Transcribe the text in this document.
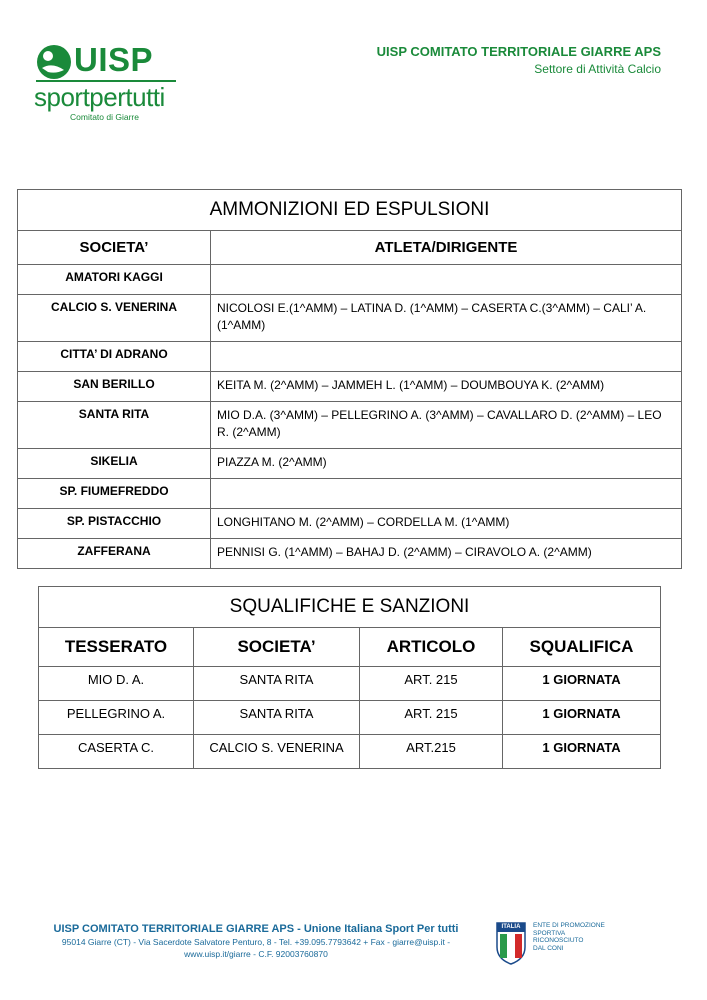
UISP
sportpertutti
Comitato di Giarre
UISP COMITATO TERRITORIALE GIARRE APS
Settore di Attività Calcio
AMMONIZIONI ED ESPULSIONI	
SOCIETA’	ATLETA/DIRIGENTE
AMATORI KAGGI	
CALCIO S. VENERINA	NICOLOSI E.(1^AMM) – LATINA D. (1^AMM) – CASERTA C.(3^AMM) – CALI’ A.(1^AMM)
CITTA’ DI ADRANO	
SAN BERILLO	KEITA M. (2^AMM) – JAMMEH L. (1^AMM) – DOUMBOUYA K. (2^AMM)
SANTA RITA	MIO D.A. (3^AMM) – PELLEGRINO A. (3^AMM) – CAVALLARO D. (2^AMM) – LEO R. (2^AMM)
SIKELIA	PIAZZA M. (2^AMM)
SP. FIUMEFREDDO	
SP. PISTACCHIO	LONGHITANO M. (2^AMM) – CORDELLA M. (1^AMM)
ZAFFERANA	PENNISI G. (1^AMM) – BAHAJ D. (2^AMM) – CIRAVOLO A. (2^AMM)
SQUALIFICHE E SANZIONI			
TESSERATO	SOCIETA’	ARTICOLO	SQUALIFICA
MIO D. A.	SANTA RITA	ART. 215	1 GIORNATA
PELLEGRINO A.	SANTA RITA	ART. 215	1 GIORNATA
CASERTA C.	CALCIO S. VENERINA	ART.215	1 GIORNATA
UISP COMITATO TERRITORIALE GIARRE APS - Unione Italiana Sport Per tutti
95014 Giarre (CT) - Via Sacerdote Salvatore Penturo, 8 - Tel. +39.095.7793642 + Fax - giarre@uisp.it - www.uisp.it/giarre - C.F. 92003760870
ITALIA	ENTE DI PROMOZIONE
SPORTIVA
RICONOSCIUTO
DAL CONI
